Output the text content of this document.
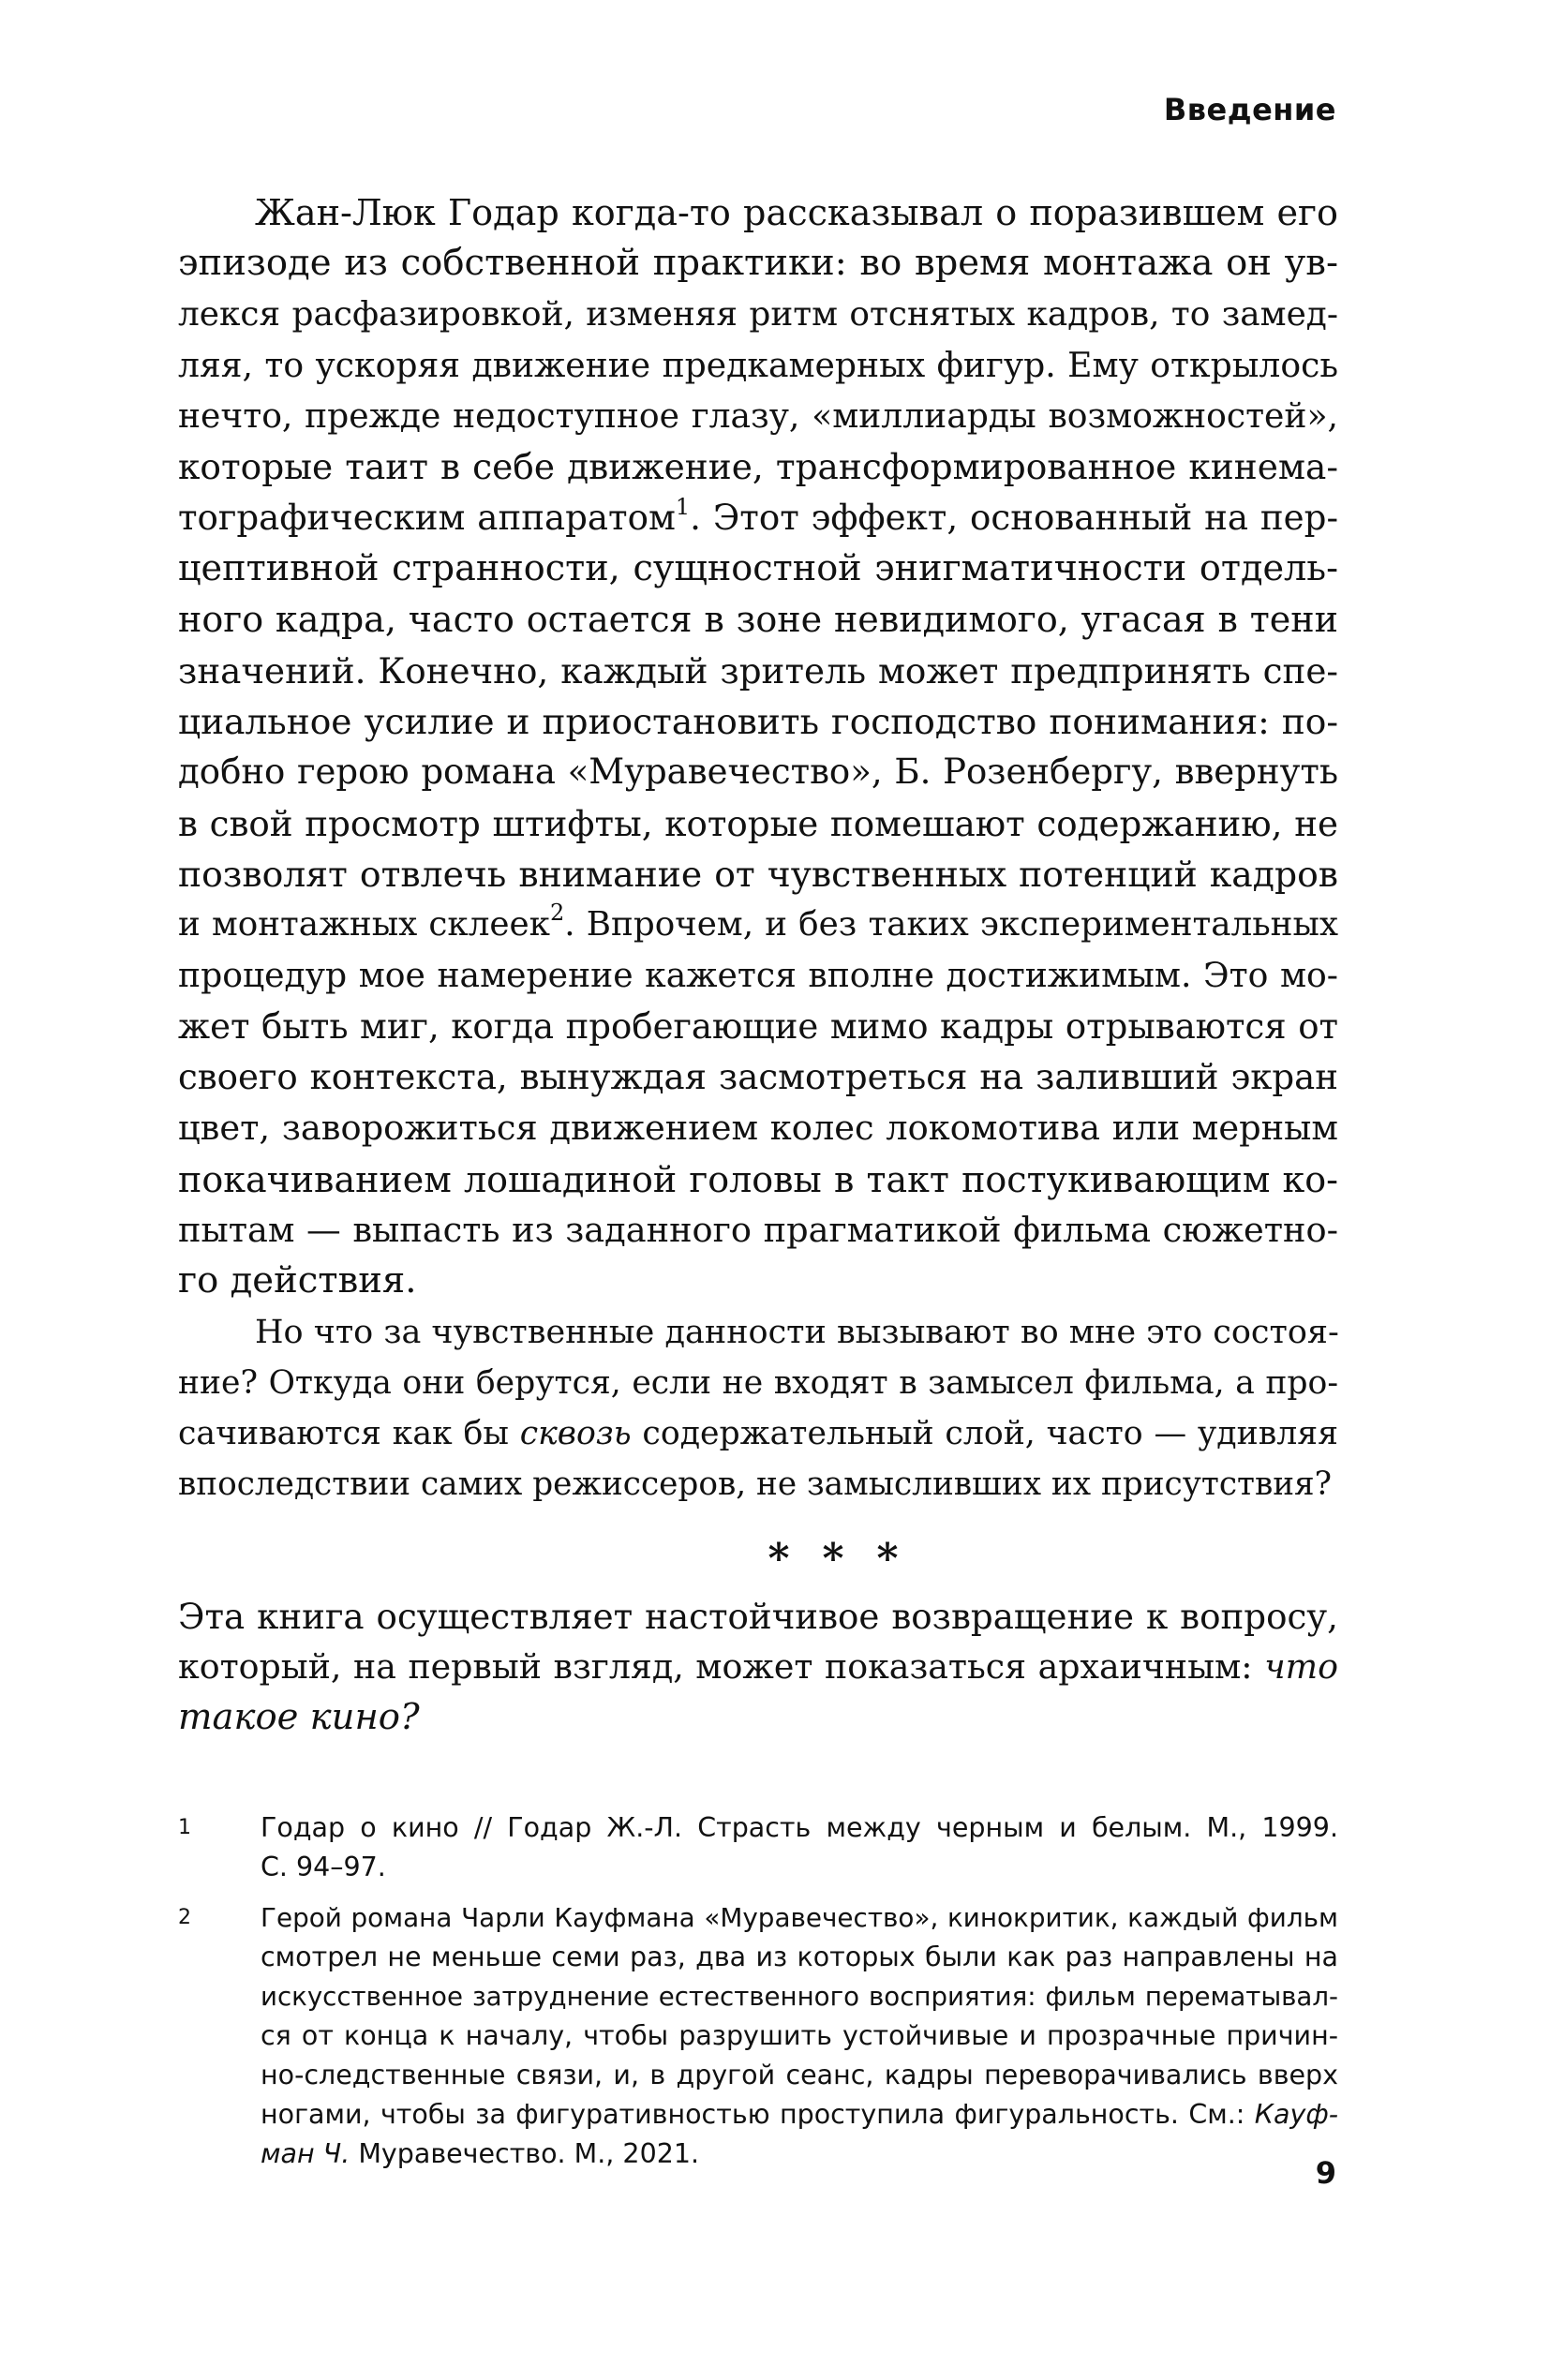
Введение
Жан-Люк Годар когда-то рассказывал о поразившем его
эпизоде из собственной практики: во время монтажа он ув-
лекся расфазировкой, изменяя ритм отснятых кадров, то замед-
ляя, то ускоряя движение предкамерных фигур. Ему открылось
нечто, прежде недоступное глазу, «миллиарды возможностей»,
которые таит в себе движение, трансформированное кинема-
тографическим аппаратом$^1$. Этот эффект, основанный на пер-
цептивной странности, сущностной энигматичности отдель-
ного кадра, часто остается в зоне невидимого, угасая в тени
значений. Конечно, каждый зритель может предпринять спе-
циальное усилие и приостановить господство понимания: по-
добно герою романа «Муравечество», Б. Розенбергу, ввернуть
в свой просмотр штифты, которые помешают содержанию, не
позволят отвлечь внимание от чувственных потенций кадров
и монтажных склеек$^2$. Впрочем, и без таких экспериментальных
процедур мое намерение кажется вполне достижимым. Это мо-
жет быть миг, когда пробегающие мимо кадры отрываются от
своего контекста, вынуждая засмотреться на заливший экран
цвет, заворожиться движением колес локомотива или мерным
покачиванием лошадиной головы в такт постукивающим ко-
пытам — выпасть из заданного прагматикой фильма сюжетно-
го действия.
Но что за чувственные данности вызывают во мне это состоя-
ние? Откуда они берутся, если не входят в замысел фильма, а про-
сачиваются как бы сквозь содержательный слой, часто — удивляя
впоследствии самих режиссеров, не замысливших их присутствия?
* * *
Эта книга осуществляет настойчивое возвращение к вопросу,
который, на первый взгляд, может показаться архаичным: что
такое кино?
1	Годар о кино // Годар Ж.-Л. Страсть между черным и белым. М., 1999.
С. 94–97.
2	Герой романа Чарли Кауфмана «Муравечество», кинокритик, каждый фильм
смотрел не меньше семи раз, два из которых были как раз направлены на
искусственное затруднение естественного восприятия: фильм перематывал-
ся от конца к началу, чтобы разрушить устойчивые и прозрачные причин-
но-следственные связи, и, в другой сеанс, кадры переворачивались вверх
ногами, чтобы за фигуративностью проступила фигуральность. См.: Кауф-
ман Ч. Муравечество. М., 2021.
9
